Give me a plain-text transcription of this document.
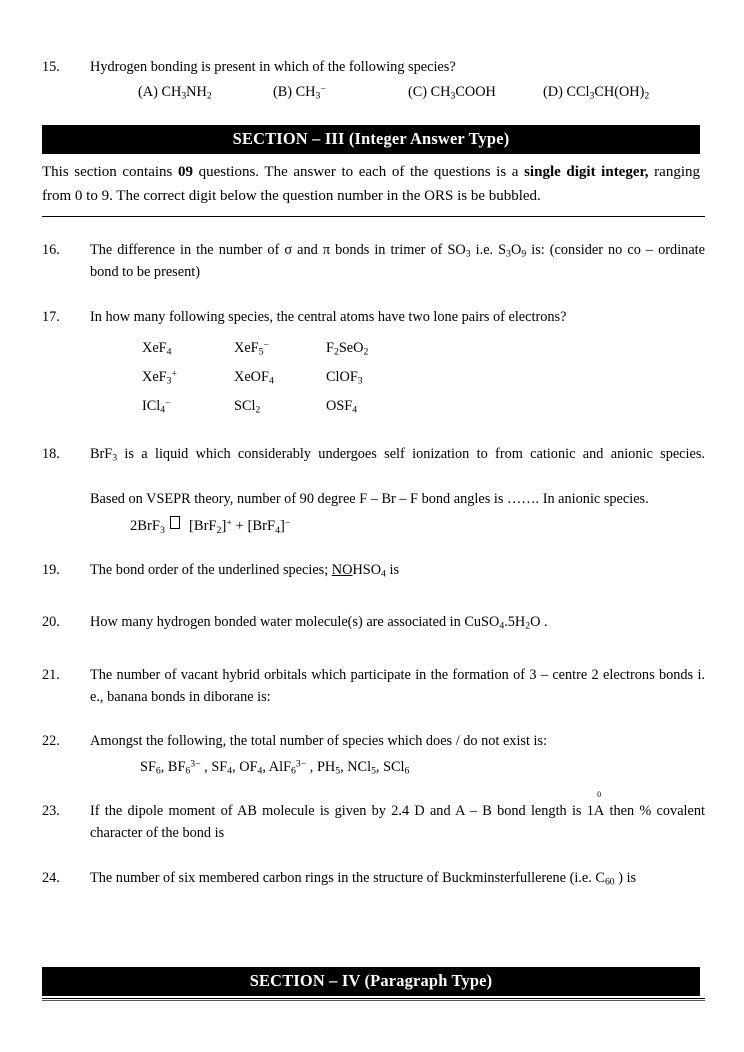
15.	Hydrogen bonding is present in which of the following species?
(A) $CH_3NH_2$	(B) $CH_3^-$	(C) $CH_3COOH$	(D) $CCl_3CH(OH)_2$
SECTION – III (Integer Answer Type)
This section contains 09 questions. The answer to each of the questions is a single digit integer, ranging from 0 to 9. The correct digit below the question number in the ORS is be bubbled.
16.	The difference in the number of σ and π bonds in trimer of $SO_3$ i.e. $S_3O_9$ is: (consider no co – ordinate bond to be present)
17.	In how many following species, the central atoms have two lone pairs of electrons?
XeF$_4$	XeF$_5$−	$F_2SeO_2$
XeF$_3$+	XeOF$_4$	ClOF$_3$
ICl$_4$−	SCl$_2$	$OSF_4$
18.	BrF$_3$ is a liquid which considerably undergoes self ionization to from cationic and anionic species.
Based on VSEPR theory, number of 90 degree F – Br – F bond angles is ……. In anionic species.
2BrF$_3$ [BrF$_2$]+ + [BrF$_4$]−
19.	The bond order of the underlined species; $NOHSO_4$ is
20.	How many hydrogen bonded water molecule(s) are associated in $CuSO_4.5H_2O$ .
21.	The number of vacant hybrid orbitals which participate in the formation of 3 – centre 2 electrons bonds i. e., banana bonds in diborane is:
22.	Amongst the following, the total number of species which does / do not exist is:
$SF_6$, $BF_6^{3-}$ , $SF_4$, $OF_4$, AlF$_6^{3-}$ , $PH_5$, NCl$_5$, SCl$_6$
23.	If the dipole moment of AB molecule is given by 2.4 D and A – B bond length is 1
0
A then % covalent character of the bond is
24.	The number of six membered carbon rings in the structure of Buckminsterfullerene (i.e. $C_{60}$ ) is
SECTION – IV (Paragraph Type)
